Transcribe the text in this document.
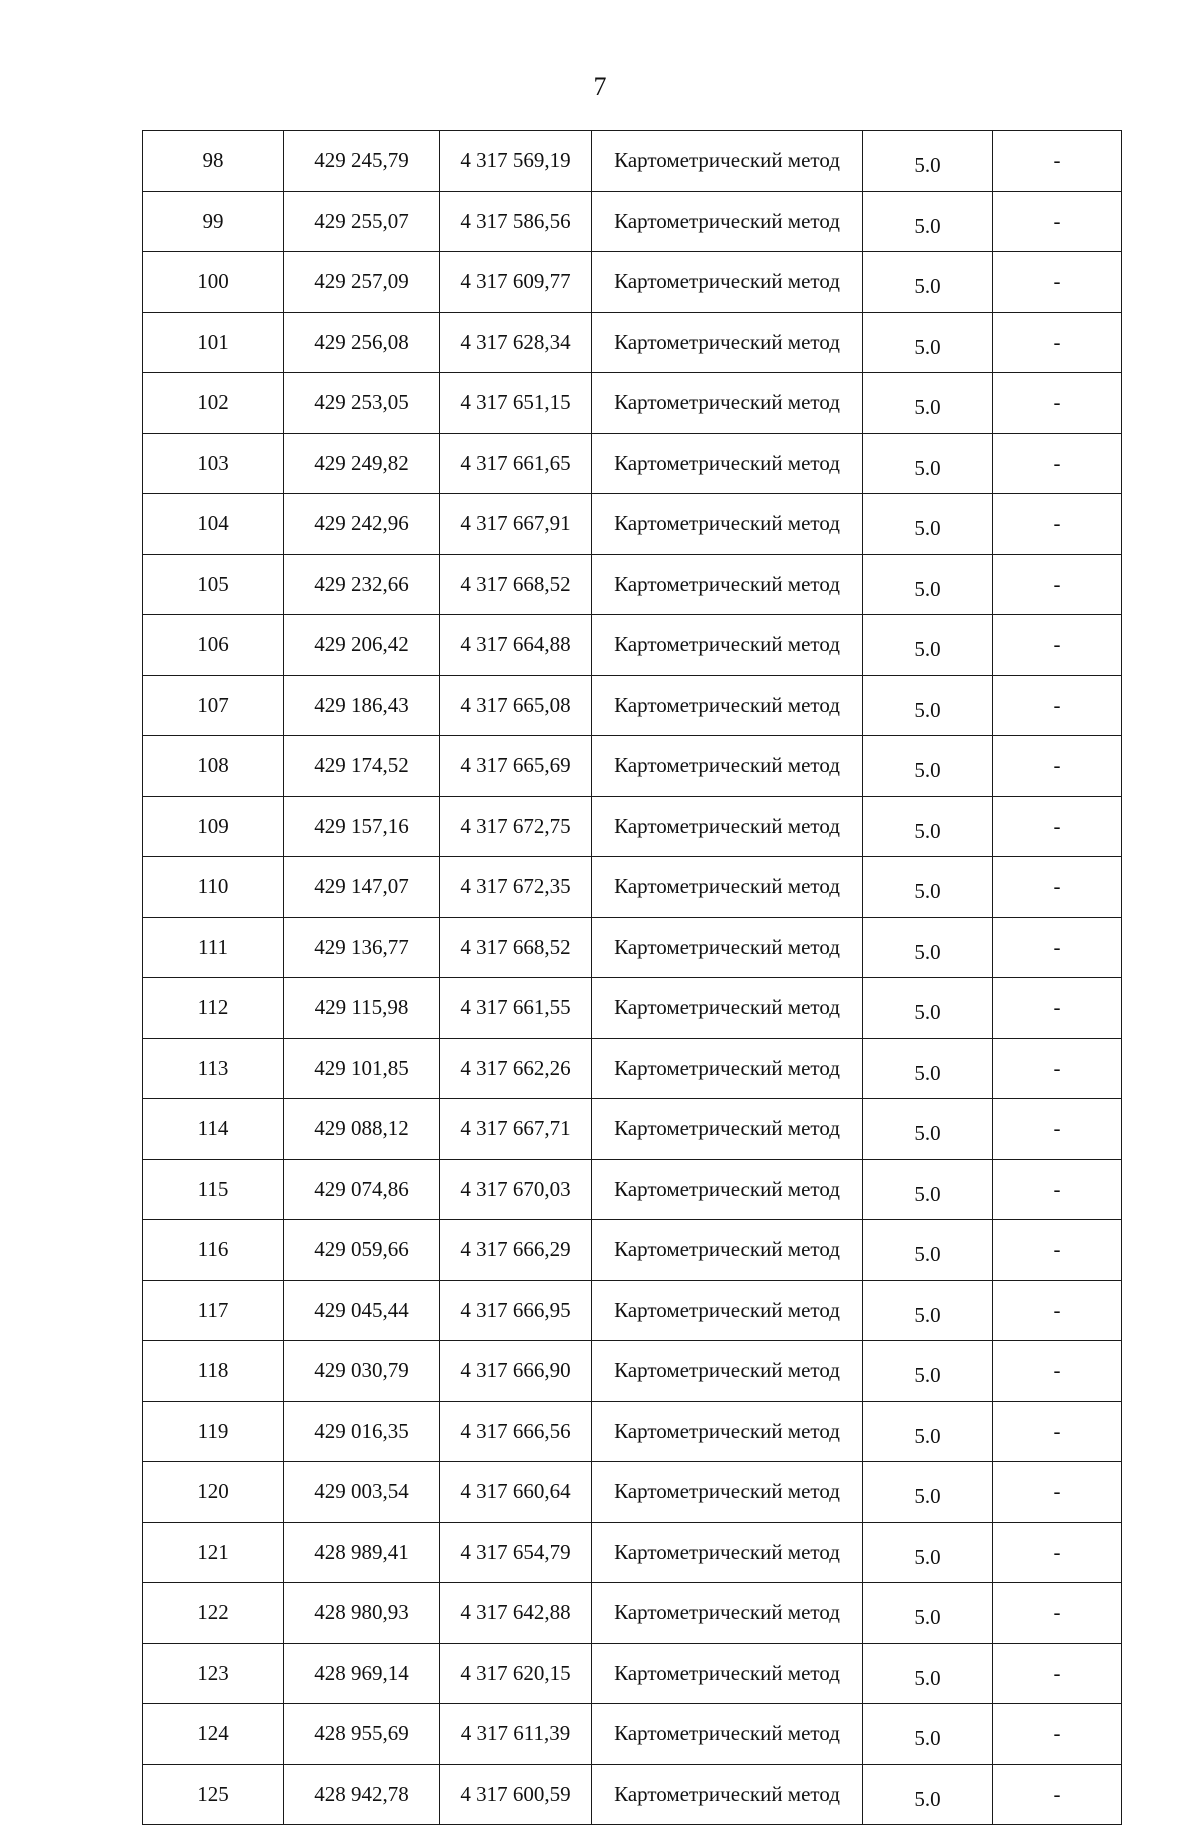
7
98	429 245,79	4 317 569,19	Картометрический метод	5.0	-
99	429 255,07	4 317 586,56	Картометрический метод	5.0	-
100	429 257,09	4 317 609,77	Картометрический метод	5.0	-
101	429 256,08	4 317 628,34	Картометрический метод	5.0	-
102	429 253,05	4 317 651,15	Картометрический метод	5.0	-
103	429 249,82	4 317 661,65	Картометрический метод	5.0	-
104	429 242,96	4 317 667,91	Картометрический метод	5.0	-
105	429 232,66	4 317 668,52	Картометрический метод	5.0	-
106	429 206,42	4 317 664,88	Картометрический метод	5.0	-
107	429 186,43	4 317 665,08	Картометрический метод	5.0	-
108	429 174,52	4 317 665,69	Картометрический метод	5.0	-
109	429 157,16	4 317 672,75	Картометрический метод	5.0	-
110	429 147,07	4 317 672,35	Картометрический метод	5.0	-
111	429 136,77	4 317 668,52	Картометрический метод	5.0	-
112	429 115,98	4 317 661,55	Картометрический метод	5.0	-
113	429 101,85	4 317 662,26	Картометрический метод	5.0	-
114	429 088,12	4 317 667,71	Картометрический метод	5.0	-
115	429 074,86	4 317 670,03	Картометрический метод	5.0	-
116	429 059,66	4 317 666,29	Картометрический метод	5.0	-
117	429 045,44	4 317 666,95	Картометрический метод	5.0	-
118	429 030,79	4 317 666,90	Картометрический метод	5.0	-
119	429 016,35	4 317 666,56	Картометрический метод	5.0	-
120	429 003,54	4 317 660,64	Картометрический метод	5.0	-
121	428 989,41	4 317 654,79	Картометрический метод	5.0	-
122	428 980,93	4 317 642,88	Картометрический метод	5.0	-
123	428 969,14	4 317 620,15	Картометрический метод	5.0	-
124	428 955,69	4 317 611,39	Картометрический метод	5.0	-
125	428 942,78	4 317 600,59	Картометрический метод	5.0	-
